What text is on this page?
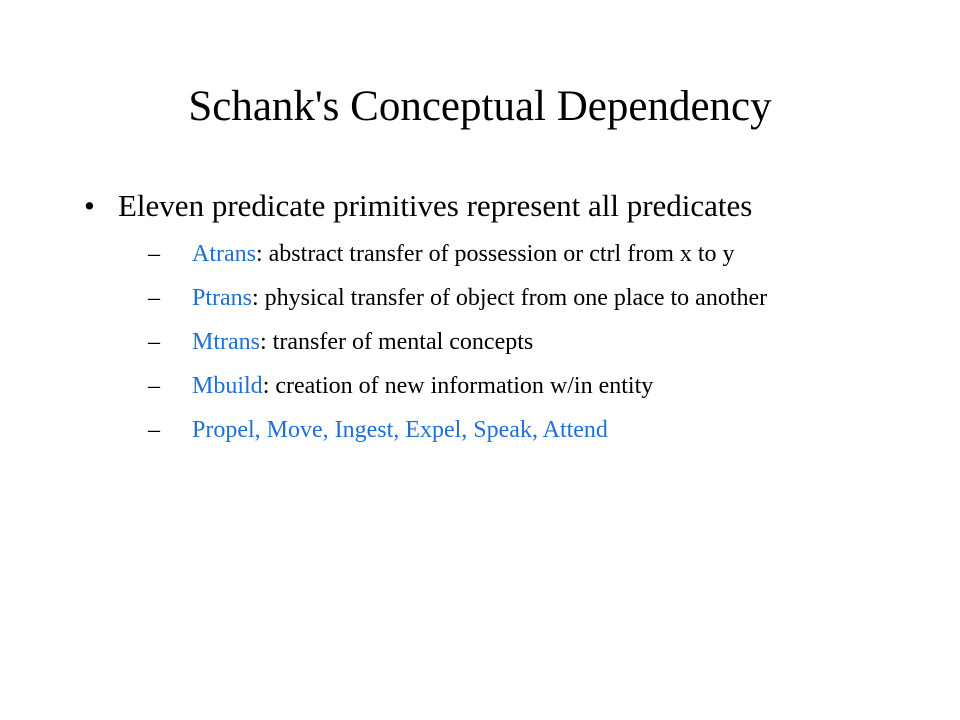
Schank's Conceptual Dependency
• Eleven predicate primitives represent all predicates
– Atrans: abstract transfer of possession or ctrl from x to y
– Ptrans: physical transfer of object from one place to another
– Mtrans: transfer of mental concepts
– Mbuild: creation of new information w/in entity
– Propel, Move, Ingest, Expel, Speak, Attend
